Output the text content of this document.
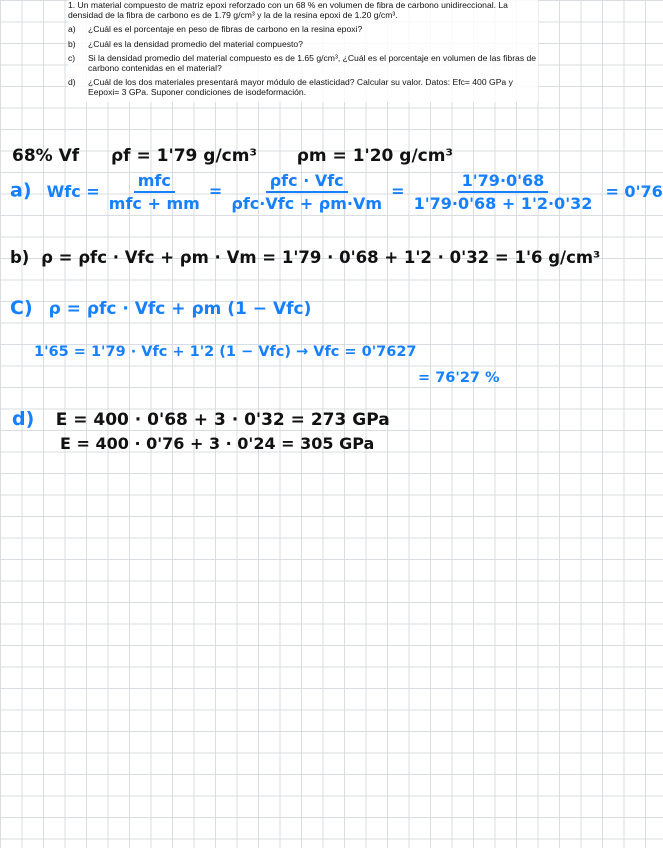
1. Un material compuesto de matriz epoxi reforzado con un 68 % en volumen de fibra de carbono unidireccional. La densidad de la fibra de carbono es de 1.79 g/cm³ y la de la resina epoxi de 1.20 g/cm³.

a)	¿Cuál es el porcentaje en peso de fibras de carbono en la resina epoxi?
b)	¿Cuál es la densidad promedio del material compuesto?
c)	Si la densidad promedio del material compuesto es de 1.65 g/cm³, ¿Cuál es el porcentaje en volumen de las fibras de carbono contenidas en el material?
d)	¿Cuál de los dos materiales presentará mayor módulo de elasticidad? Calcular su valor. Datos: Efc= 400 GPa y Eepoxi= 3 GPa. Suponer condiciones de isodeformación.
68% Vf ρf = 1'79 g/cm³ ρm = 1'20 g/cm³
a) Wfc = $\frac{\text{mfc}}{\text{mfc + mm}} = \frac{\text{ρfc · Vfc}}{\text{ρfc·Vfc + ρm·Vm}} = \frac{1'79\cdot 0'68}{1'79\cdot 0'68 + 1'2\cdot 0'32} = 0'76$
b) ρ = ρfc · Vfc + ρm · Vm = 1'79 · 0'68 + 1'2 · 0'32 = 1'6 g/cm³
C) ρ = ρfc · Vfc + ρm (1 − Vfc)
1'65 = 1'79 · Vfc + 1'2 (1 − Vfc) → Vfc = 0'7627
= 76'27 %
d) E = 400 · 0'68 + 3 · 0'32 = 273 GPa
E = 400 · 0'76 + 3 · 0'24 = 305 GPa
